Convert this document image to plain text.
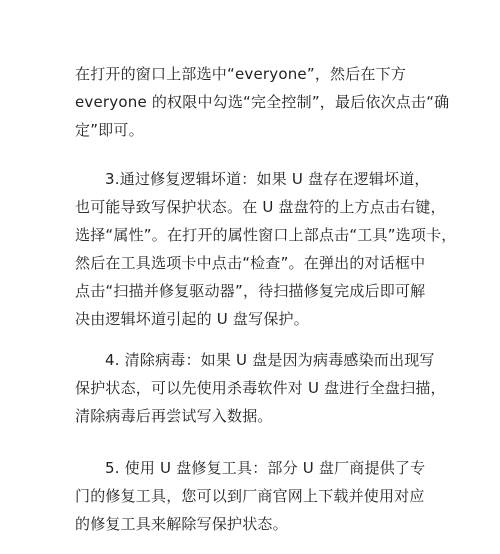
在打开的窗口上部选中“everyone”，然后在下方
everyone 的权限中勾选“完全控制”，最后依次点击“确
定”即可。
3.通过修复逻辑坏道：如果 U 盘存在逻辑坏道，
也可能导致写保护状态。在 U 盘盘符的上方点击右键，
选择“属性”。在打开的属性窗口上部点击“工具”选项卡，
然后在工具选项卡中点击“检查”。在弹出的对话框中
点击“扫描并修复驱动器”，待扫描修复完成后即可解
决由逻辑坏道引起的 U 盘写保护。
4. 清除病毒：如果 U 盘是因为病毒感染而出现写
保护状态，可以先使用杀毒软件对 U 盘进行全盘扫描，
清除病毒后再尝试写入数据。
5. 使用 U 盘修复工具：部分 U 盘厂商提供了专
门的修复工具，您可以到厂商官网上下载并使用对应
的修复工具来解除写保护状态。
